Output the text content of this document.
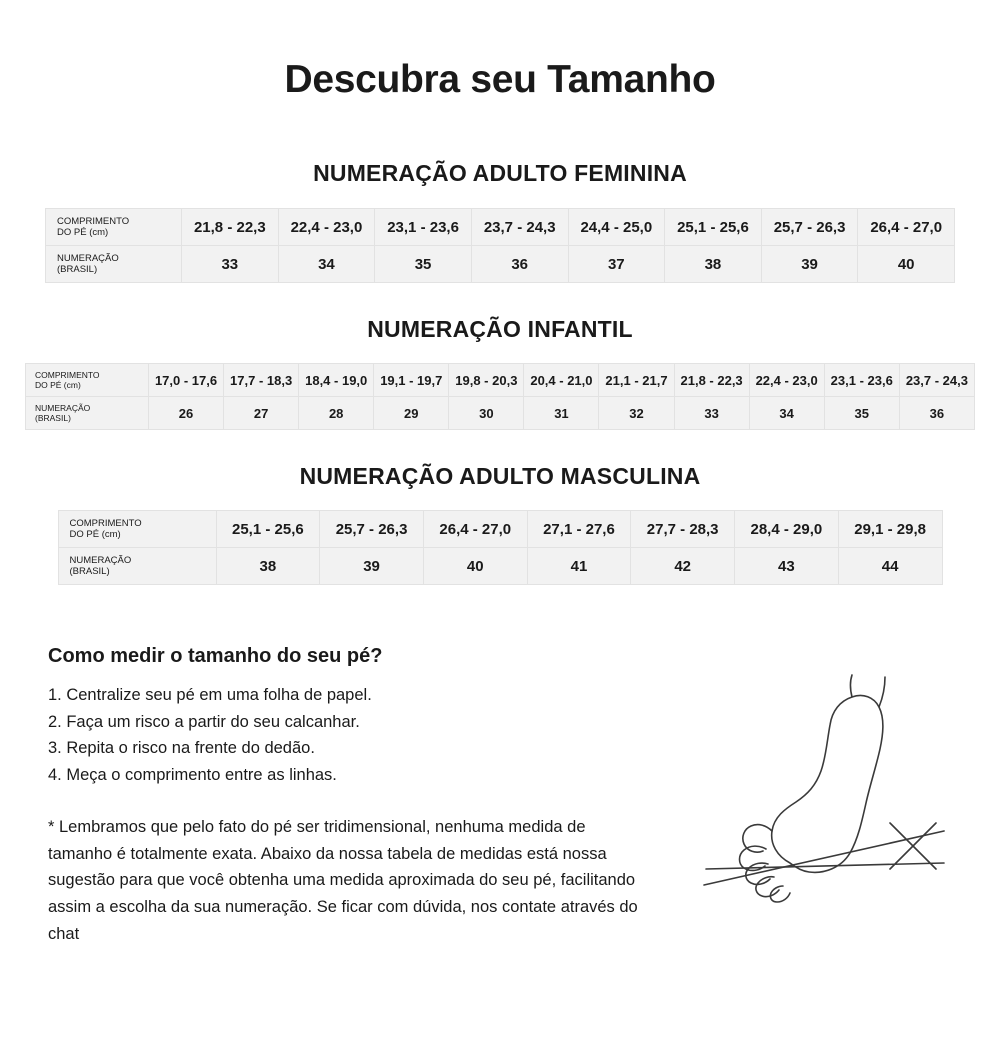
Descubra seu Tamanho
NUMERAÇÃO ADULTO FEMININA
COMPRIMENTO
DO PÉ (cm)	21,8 - 22,3	22,4 - 23,0	23,1 - 23,6	23,7 - 24,3	24,4 - 25,0	25,1 - 25,6	25,7 - 26,3	26,4 - 27,0

NUMERAÇÃO
(BRASIL)	33	34	35	36	37	38	39	40
NUMERAÇÃO INFANTIL
COMPRIMENTO
DO PÉ (cm)	17,0 - 17,6	17,7 - 18,3	18,4 - 19,0	19,1 - 19,7	19,8 - 20,3	20,4 - 21,0	21,1 - 21,7	21,8 - 22,3	22,4 - 23,0	23,1 - 23,6	23,7 - 24,3

NUMERAÇÃO
(BRASIL)	26	27	28	29	30	31	32	33	34	35	36
NUMERAÇÃO ADULTO MASCULINA
COMPRIMENTO
DO PÉ (cm)	25,1 - 25,6	25,7 - 26,3	26,4 - 27,0	27,1 - 27,6	27,7 - 28,3	28,4 - 29,0	29,1 - 29,8

NUMERAÇÃO
(BRASIL)	38	39	40	41	42	43	44
Como medir o tamanho do seu pé?
1. Centralize seu pé em uma folha de papel.
2. Faça um risco a partir do seu calcanhar.
3. Repita o risco na frente do dedão.
4. Meça o comprimento entre as linhas.

* Lembramos que pelo fato do pé ser tridimensional, nenhuma medida de tamanho é totalmente exata. Abaixo da nossa tabela de medidas está nossa sugestão para que você obtenha uma medida aproximada do seu pé, facilitando assim a escolha da sua numeração. Se ficar com dúvida, nos contate através do chat
